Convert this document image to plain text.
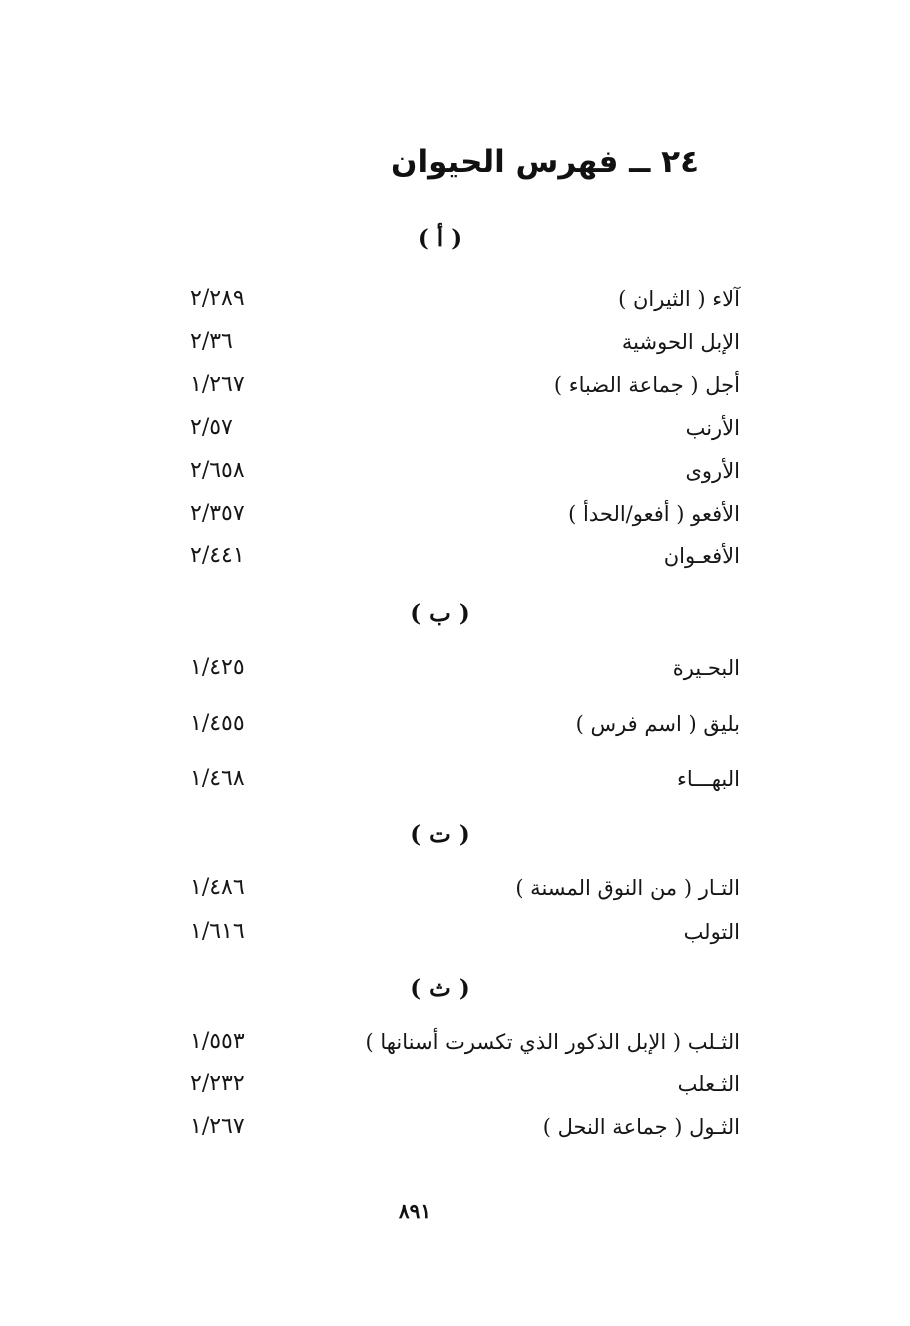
٢٤ ــ فهرس الحيوان
( أ )
آلاء ( الثيران )
٢/٢٨٩
الإبل الحوشية
٢/٣٦
أجل ( جماعة الضباء )
١/٢٦٧
الأرنب
٢/٥٧
الأروى
٢/٦٥٨
الأفعو ( أفعو/الحدأ )
٢/٣٥٧
الأفعـوان
٢/٤٤١
( ب )
البحـيرة
١/٤٢٥
بليق ( اسم فرس )
١/٤٥٥
البهـــاء
١/٤٦٨
( ت )
التـار ( من النوق المسنة )
١/٤٨٦
التولب
١/٦١٦
( ث )
الثـلب ( الإبل الذكور الذي تكسرت أسنانها )
١/٥٥٣
الثـعلب
٢/٢٣٢
الثـول ( جماعة النحل )
١/٢٦٧
٨٩١
